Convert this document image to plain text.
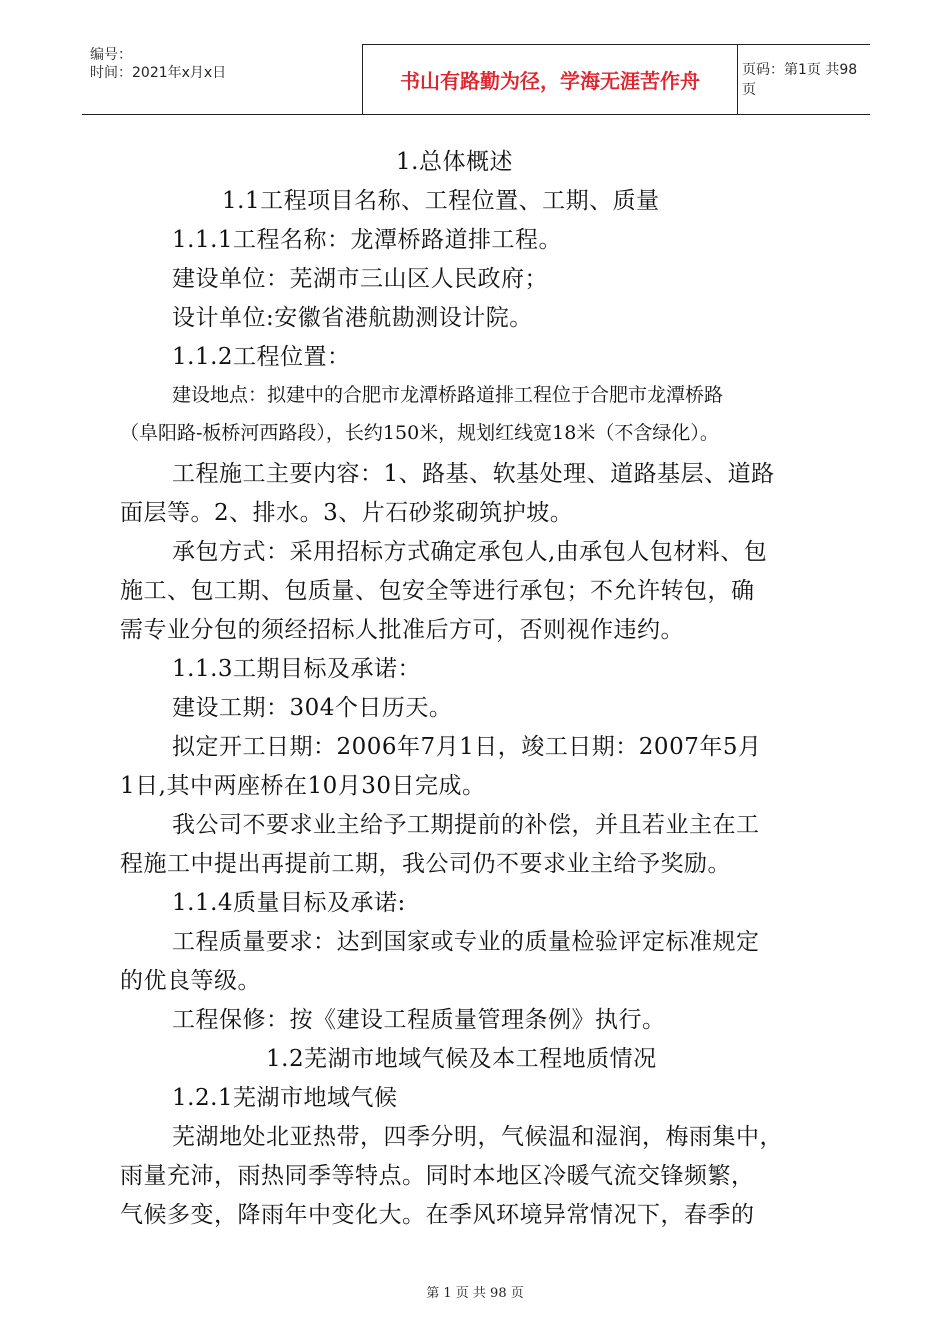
编号：
时间：2021年x月x日	书山有路勤为径，学海无涯苦作舟	页码：第1页 共98页
1.总体概述
1.1工程项目名称、工程位置、工期、质量
1.1.1工程名称：龙潭桥路道排工程。
建设单位：芜湖市三山区人民政府；
设计单位:安徽省港航勘测设计院。
1.1.2工程位置：
建设地点：拟建中的合肥市龙潭桥路道排工程位于合肥市龙潭桥路
（阜阳路-板桥河西路段），长约150米，规划红线宽18米（不含绿化）。
工程施工主要内容：1、路基、软基处理、道路基层、道路
面层等。2、排水。3、片石砂浆砌筑护坡。
承包方式：采用招标方式确定承包人,由承包人包材料、包
施工、包工期、包质量、包安全等进行承包；不允许转包，确
需专业分包的须经招标人批准后方可，否则视作违约。
1.1.3工期目标及承诺：
建设工期：304个日历天。
拟定开工日期：2006年7月1日，竣工日期：2007年5月
1日,其中两座桥在10月30日完成。
我公司不要求业主给予工期提前的补偿，并且若业主在工
程施工中提出再提前工期，我公司仍不要求业主给予奖励。
1.1.4质量目标及承诺:
工程质量要求：达到国家或专业的质量检验评定标准规定
的优良等级。
工程保修：按《建设工程质量管理条例》执行。
1.2芜湖市地域气候及本工程地质情况
1.2.1芜湖市地域气候
芜湖地处北亚热带，四季分明，气候温和湿润，梅雨集中，
雨量充沛，雨热同季等特点。同时本地区冷暖气流交锋频繁，
气候多变，降雨年中变化大。在季风环境异常情况下，春季的
第 1 页 共 98 页
